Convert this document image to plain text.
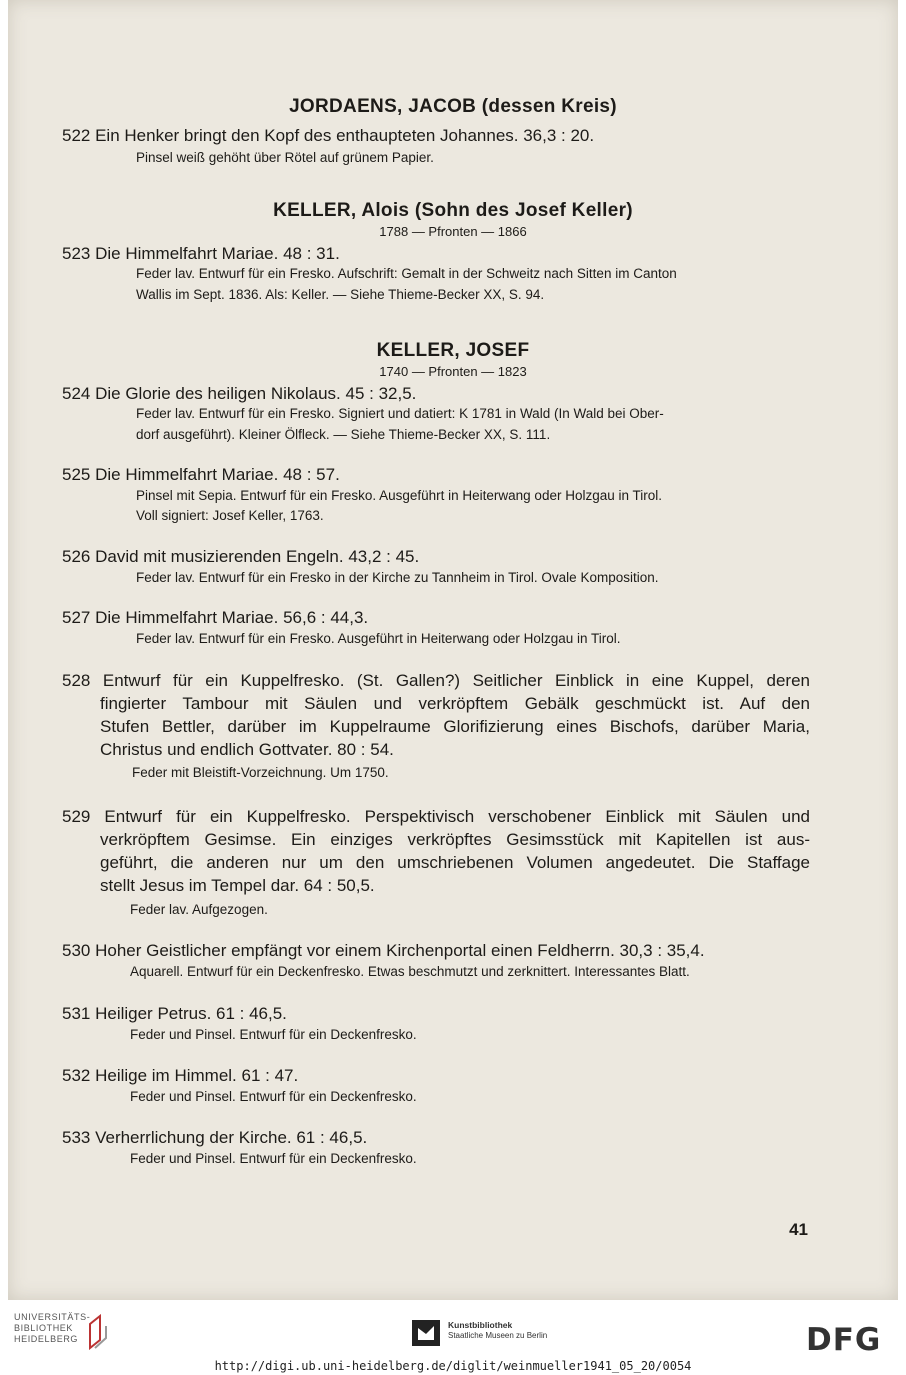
JORDAENS, JACOB (dessen Kreis)
522 Ein Henker bringt den Kopf des enthaupteten Johannes. 36,3 : 20.
Pinsel weiß gehöht über Rötel auf grünem Papier.
KELLER, Alois (Sohn des Josef Keller)
1788 — Pfronten — 1866
523 Die Himmelfahrt Mariae. 48 : 31.
Feder lav. Entwurf für ein Fresko. Aufschrift: Gemalt in der Schweitz nach Sitten im Canton
Wallis im Sept. 1836. Als: Keller. — Siehe Thieme-Becker XX, S. 94.
KELLER, JOSEF
1740 — Pfronten — 1823
524 Die Glorie des heiligen Nikolaus. 45 : 32,5.
Feder lav. Entwurf für ein Fresko. Signiert und datiert: K 1781 in Wald (In Wald bei Ober-
dorf ausgeführt). Kleiner Ölfleck. — Siehe Thieme-Becker XX, S. 111.
525 Die Himmelfahrt Mariae. 48 : 57.
Pinsel mit Sepia. Entwurf für ein Fresko. Ausgeführt in Heiterwang oder Holzgau in Tirol.
Voll signiert: Josef Keller, 1763.
526 David mit musizierenden Engeln. 43,2 : 45.
Feder lav. Entwurf für ein Fresko in der Kirche zu Tannheim in Tirol. Ovale Komposition.
527 Die Himmelfahrt Mariae. 56,6 : 44,3.
Feder lav. Entwurf für ein Fresko. Ausgeführt in Heiterwang oder Holzgau in Tirol.
528 Entwurf für ein Kuppelfresko. (St. Gallen?) Seitlicher Einblick in eine Kuppel, deren
fingierter Tambour mit Säulen und verkröpftem Gebälk geschmückt ist. Auf den
Stufen Bettler, darüber im Kuppelraume Glorifizierung eines Bischofs, darüber Maria,
Christus und endlich Gottvater. 80 : 54.
Feder mit Bleistift-Vorzeichnung. Um 1750.
529 Entwurf für ein Kuppelfresko. Perspektivisch verschobener Einblick mit Säulen und
verkröpftem Gesimse. Ein einziges verkröpftes Gesimsstück mit Kapitellen ist aus-
geführt, die anderen nur um den umschriebenen Volumen angedeutet. Die Staffage
stellt Jesus im Tempel dar. 64 : 50,5.
Feder lav. Aufgezogen.
530 Hoher Geistlicher empfängt vor einem Kirchenportal einen Feldherrn. 30,3 : 35,4.
Aquarell. Entwurf für ein Deckenfresko. Etwas beschmutzt und zerknittert. Interessantes Blatt.
531 Heiliger Petrus. 61 : 46,5.
Feder und Pinsel. Entwurf für ein Deckenfresko.
532 Heilige im Himmel. 61 : 47.
Feder und Pinsel. Entwurf für ein Deckenfresko.
533 Verherrlichung der Kirche. 61 : 46,5.
Feder und Pinsel. Entwurf für ein Deckenfresko.
41
UNIVERSITÄTS-
BIBLIOTHEK
HEIDELBERG
Kunstbibliothek
Staatliche Museen zu Berlin	DFG
http://digi.ub.uni-heidelberg.de/diglit/weinmueller1941_05_20/0054
